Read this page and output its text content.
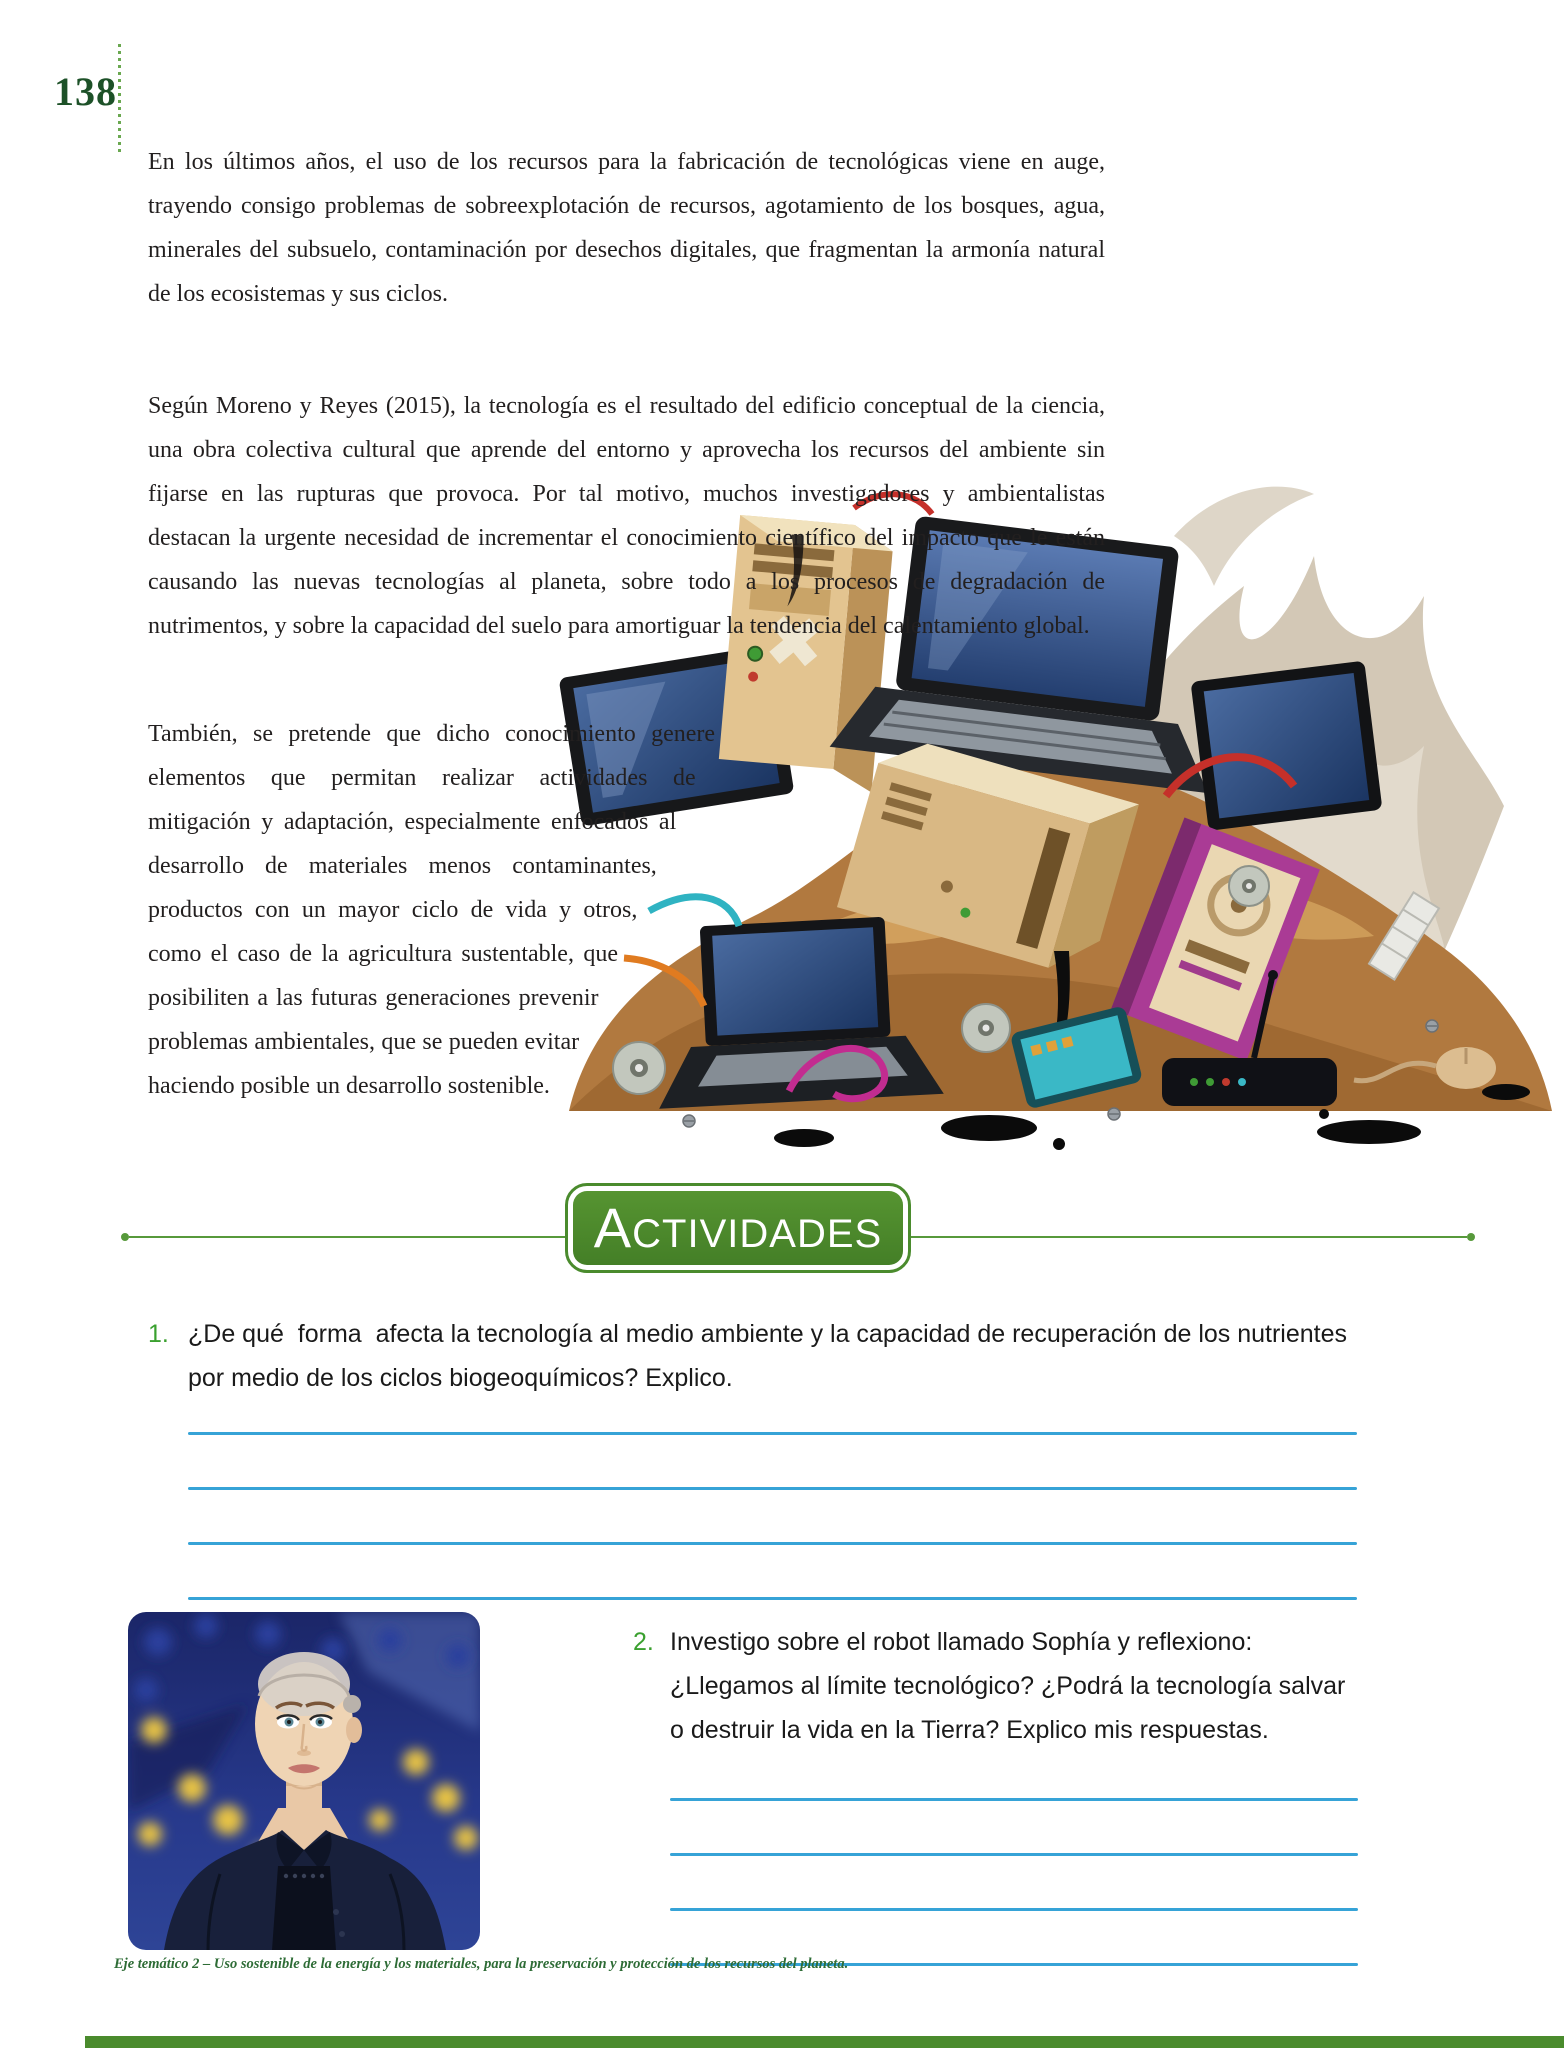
138

En los últimos años, el uso de los recursos para la fabricación de tecnológicas viene en auge, trayendo consigo problemas de sobreexplotación de recursos, agotamiento de los bosques, agua, minerales del subsuelo, contaminación por desechos digitales, que fragmentan la armonía natural de los ecosistemas y sus ciclos.

Según Moreno y Reyes (2015), la tecnología es el resultado del edificio conceptual de la ciencia, una obra colectiva cultural que aprende del entorno y aprovecha los recursos del ambiente sin fijarse en las rupturas que provoca. Por tal motivo, muchos investigadores y ambientalistas destacan la urgente necesidad de incrementar el conocimiento científico del impacto que le están causando las nuevas tecnologías al planeta, sobre todo a los procesos de degradación de nutrimentos, y sobre la capacidad del suelo para amortiguar la tendencia del calentamiento global.

También, se pretende que dicho conocimiento genere elementos que permitan realizar actividades de mitigación y adaptación, especialmente enfocados al desarrollo de materiales menos contaminantes, productos con un mayor ciclo de vida y otros, como el caso de la agricultura sustentable, que posibiliten a las futuras generaciones prevenir problemas ambientales, que se pueden evitar haciendo posible un desarrollo sostenible.

ACTIVIDADES
1. ¿De qué  forma  afecta la tecnología al medio ambiente y la capacidad de recuperación de los nutrientes por medio de los ciclos biogeoquímicos? Explico.
2. Investigo sobre el robot llamado Sophía y reflexiono: ¿Llegamos al límite tecnológico? ¿Podrá la tecnología salvar o destruir la vida en la Tierra? Explico mis respuestas.
Eje temático 2 – Uso sostenible de la energía y los materiales, para la preservación y protección de los recursos del planeta.
